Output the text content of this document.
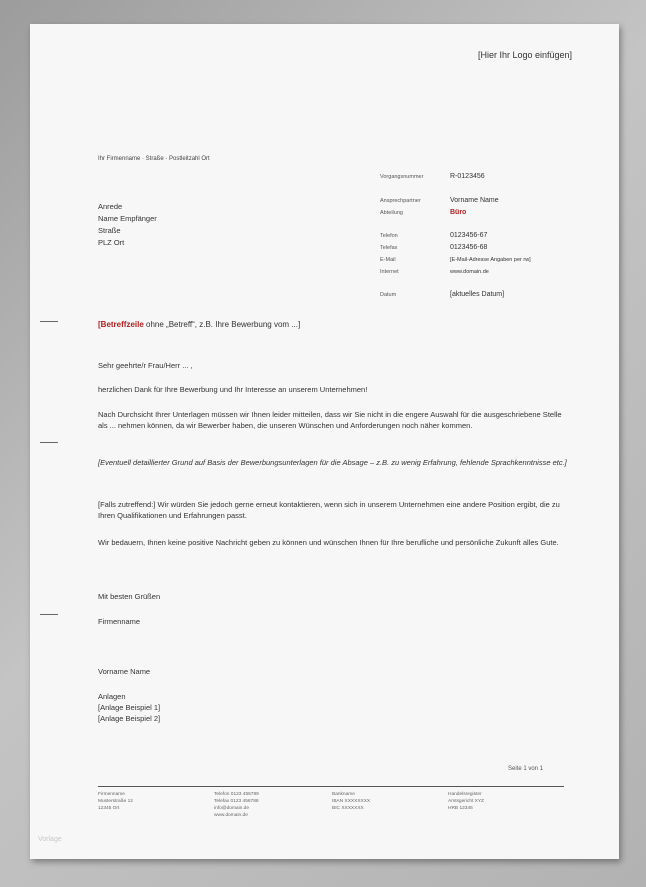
[Hier Ihr Logo einfügen]
Ihr Firmenname · Straße · Postleitzahl Ort
Anrede
Name Empfänger
Straße
PLZ Ort
Vorgangsnummer	R-0123456
Ansprechpartner	Vorname Name
Abteilung	Büro
Telefon	0123456-67
Telefax	0123456-68
E-Mail	[E-Mail-Adresse Angaben per rw]
Internet	www.domain.de
Datum	[aktuelles Datum]
[Betreffzeile ohne „Betreff“, z.B. Ihre Bewerbung vom ...]
Sehr geehrte/r Frau/Herr ... ,
herzlichen Dank für Ihre Bewerbung und Ihr Interesse an unserem Unternehmen!
Nach Durchsicht Ihrer Unterlagen müssen wir Ihnen leider mitteilen, dass wir Sie nicht in die engere Auswahl für die ausgeschriebene Stelle als ... nehmen können, da wir Bewerber haben, die unseren Wünschen und Anforderungen noch näher kommen.
[Eventuell detaillierter Grund auf Basis der Bewerbungsunterlagen für die Absage – z.B. zu wenig Erfahrung, fehlende Sprachkenntnisse etc.]
[Falls zutreffend:] Wir würden Sie jedoch gerne erneut kontaktieren, wenn sich in unserem Unternehmen eine andere Position ergibt, die zu Ihren Qualifikationen und Erfahrungen passt.
Wir bedauern, Ihnen keine positive Nachricht geben zu können und wünschen Ihnen für Ihre berufliche und persönliche Zukunft alles Gute.
Mit besten Grüßen
Firmenname
Vorname Name
Anlagen
[Anlage Beispiel 1]
[Anlage Beispiel 2]
Seite 1 von 1
Firmenname
Musterstraße 12
12345 Ort
Telefon 0123 456789
Telefax 0123 456788
info@domain.de
www.domain.de
Bankname
IBAN XXXXXXXX
BIC XXXXXXX
Handelsregister
Amtsgericht XYZ
HRB 12345
Vorlage
